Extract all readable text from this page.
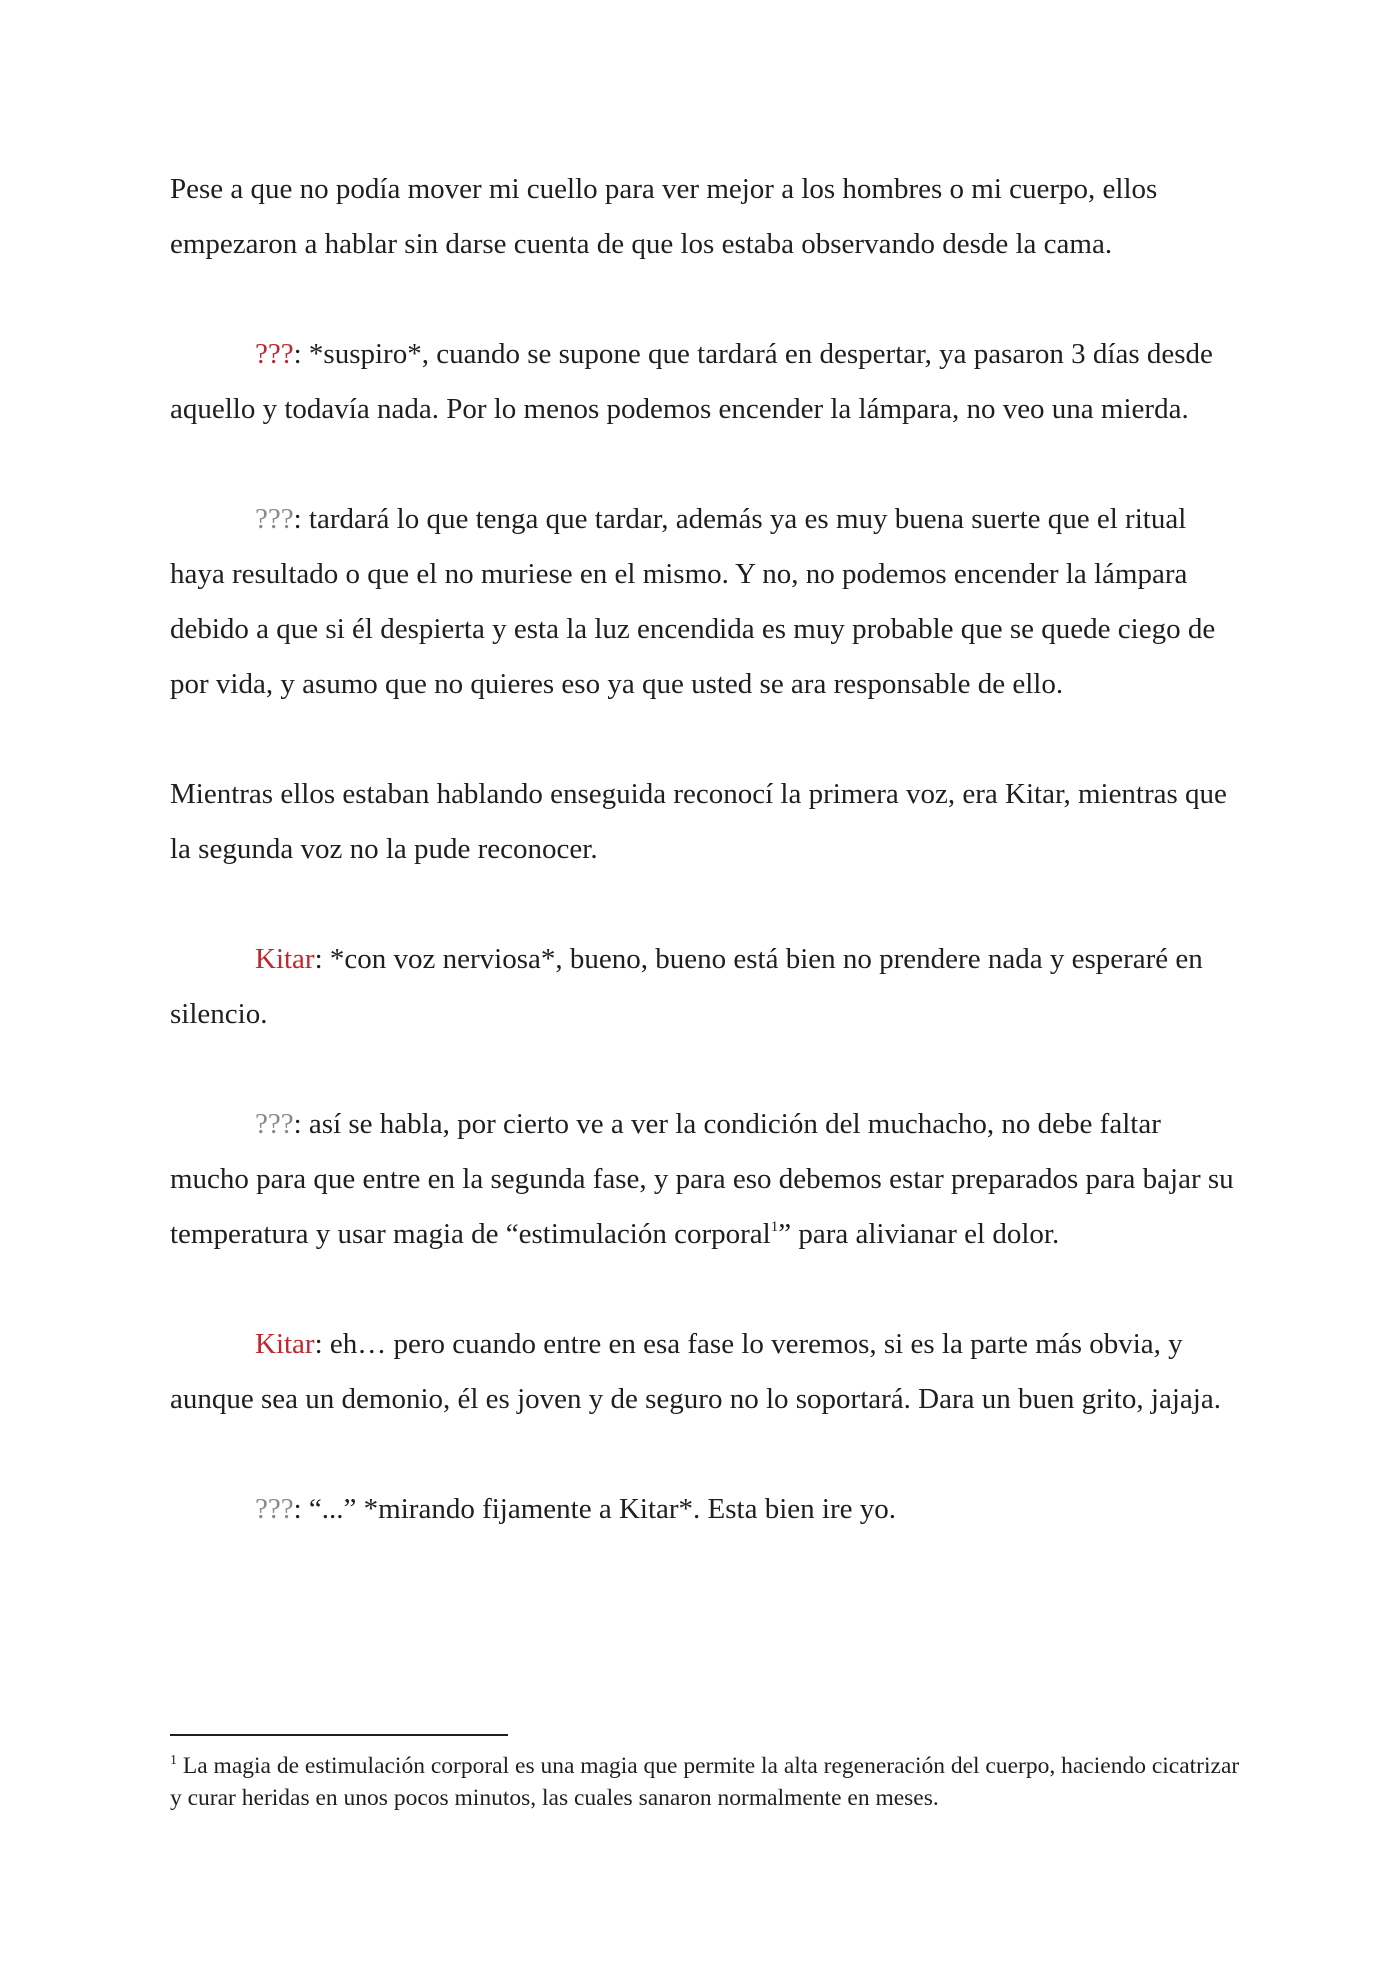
Pese a que no podía mover mi cuello para ver mejor a los hombres o mi cuerpo, ellos empezaron a hablar sin darse cuenta de que los estaba observando desde la cama.

???: *suspiro*, cuando se supone que tardará en despertar, ya pasaron 3 días desde aquello y todavía nada. Por lo menos podemos encender la lámpara, no veo una mierda.

???: tardará lo que tenga que tardar, además ya es muy buena suerte que el ritual haya resultado o que el no muriese en el mismo. Y no, no podemos encender la lámpara debido a que si él despierta y esta la luz encendida es muy probable que se quede ciego de por vida, y asumo que no quieres eso ya que usted se ara responsable de ello.

Mientras ellos estaban hablando enseguida reconocí la primera voz, era Kitar, mientras que la segunda voz no la pude reconocer.

Kitar: *con voz nerviosa*, bueno, bueno está bien no prendere nada y esperaré en silencio.

???: así se habla, por cierto ve a ver la condición del muchacho, no debe faltar mucho para que entre en la segunda fase, y para eso debemos estar preparados para bajar su temperatura y usar magia de “estimulación corporal$^1$” para alivianar el dolor.

Kitar: eh… pero cuando entre en esa fase lo veremos, si es la parte más obvia, y aunque sea un demonio, él es joven y de seguro no lo soportará. Dara un buen grito, jajaja.

???: “...” *mirando fijamente a Kitar*. Esta bien ire yo.

$^1$ La magia de estimulación corporal es una magia que permite la alta regeneración del cuerpo, haciendo cicatrizar y curar heridas en unos pocos minutos, las cuales sanaron normalmente en meses.
